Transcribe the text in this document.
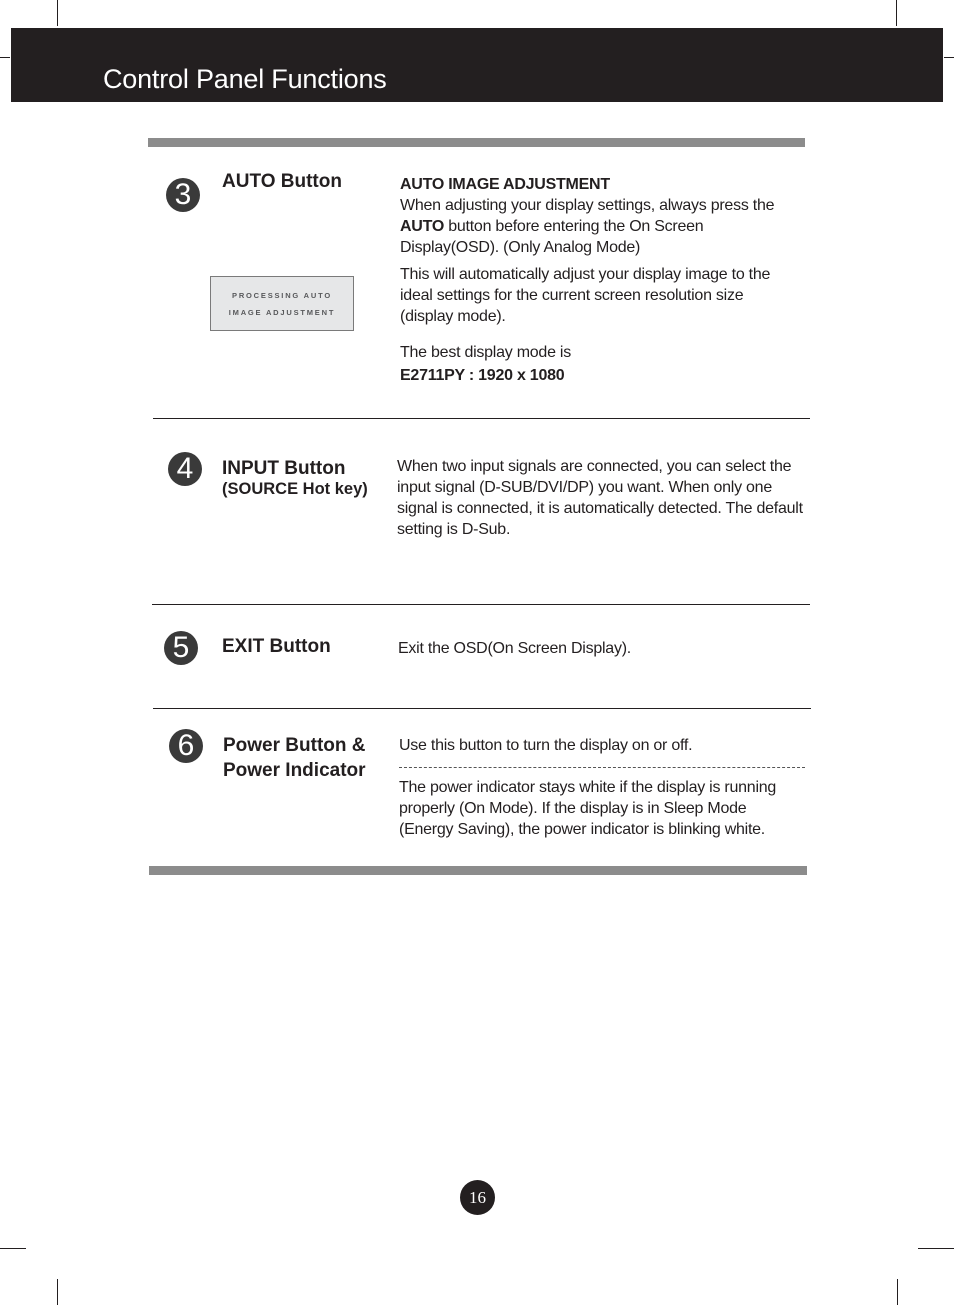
Control Panel Functions
3	AUTO Button
PROCESSING AUTO
IMAGE ADJUSTMENT
AUTO IMAGE ADJUSTMENT
When adjusting your display settings, always press the AUTO button before entering the On Screen Display(OSD). (Only Analog Mode)
This will automatically adjust your display image to the ideal settings for the current screen resolution size (display mode).
The best display mode is
E2711PY : 1920 x 1080
4	INPUT Button
(SOURCE Hot key)
When two input signals are connected, you can select the input signal (D-SUB/DVI/DP) you want. When only one signal is connected, it is automatically detected. The default setting is D-Sub.
5	EXIT Button	Exit the OSD(On Screen Display).
6	Power Button &
Power Indicator
Use this button to turn the display on or off.
The power indicator stays white if the display is running properly (On Mode). If the display is in Sleep Mode (Energy Saving), the power indicator is blinking white.
16
